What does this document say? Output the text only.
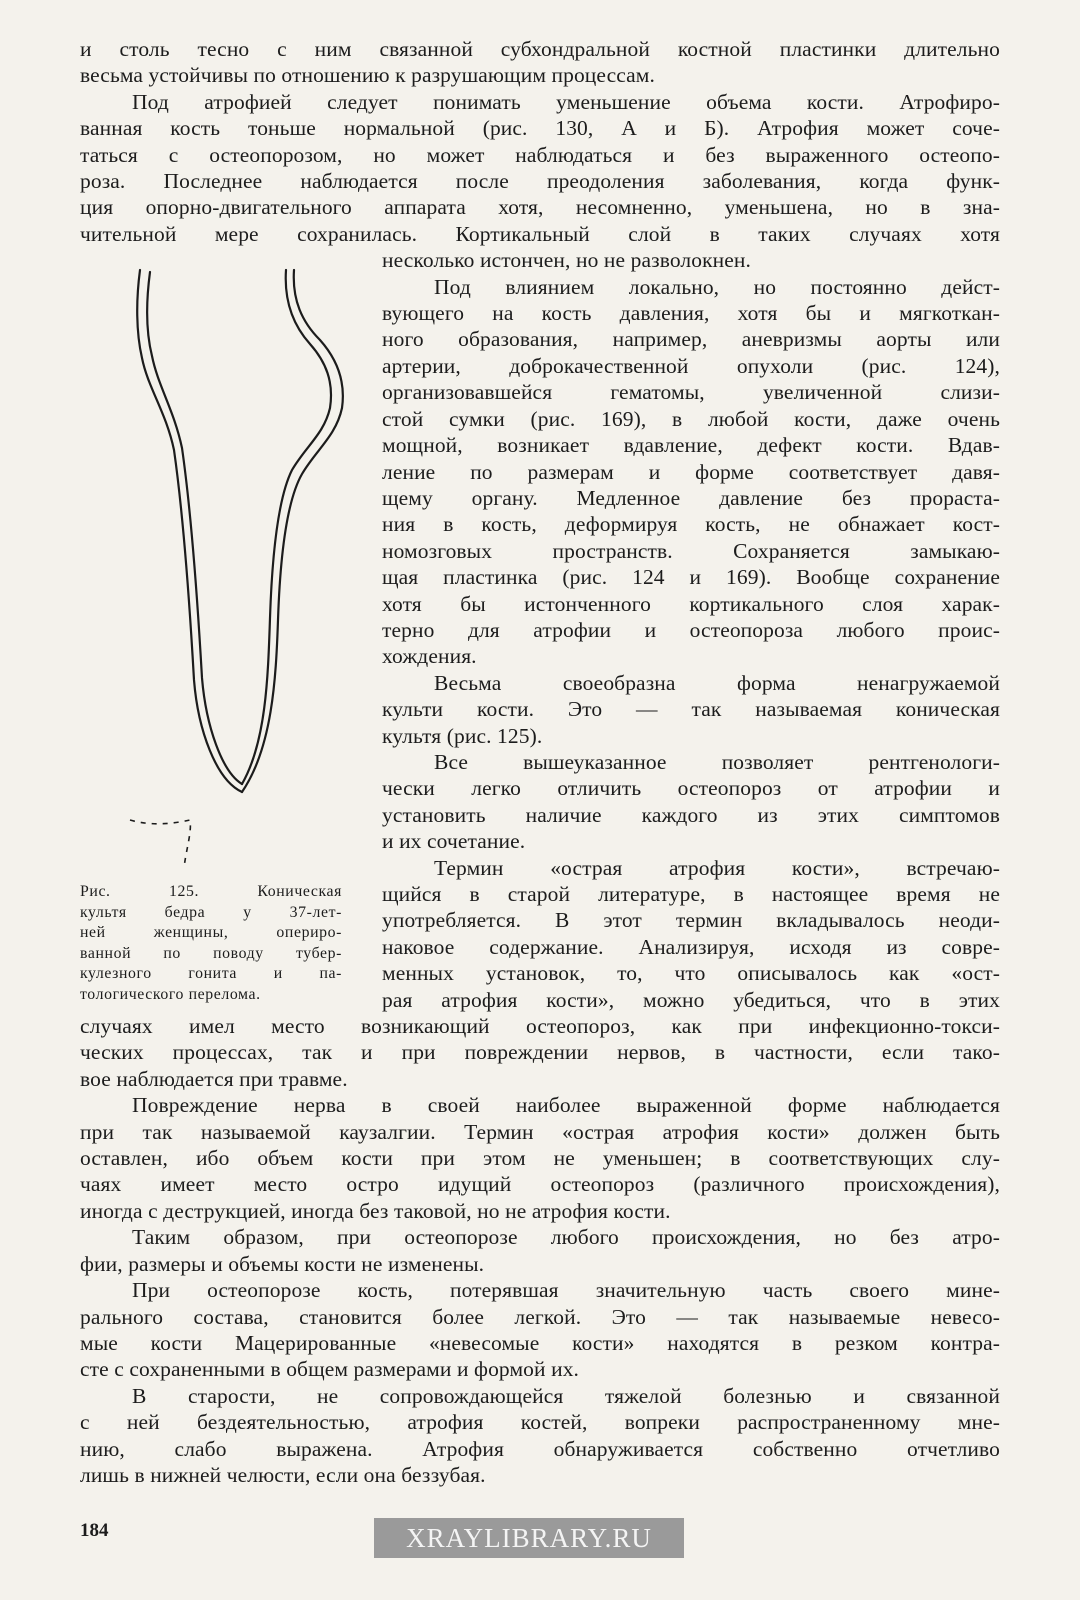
и столь тесно с ним связанной субхондральной костной пластинки длительно
весьма устойчивы по отношению к разрушающим процессам.
Под атрофией следует понимать уменьшение объема кости. Атрофиро-
ванная кость тоньше нормальной (рис. 130, А и Б). Атрофия может соче-
таться с остеопорозом, но может наблюдаться и без выраженного остеопо-
роза. Последнее наблюдается после преодоления заболевания, когда функ-
ция опорно-двигательного аппарата хотя, несомненно, уменьшена, но в зна-
чительной мере сохранилась. Кортикальный слой в таких случаях хотя
несколько истончен, но не разволокнен.
Под влиянием локально, но постоянно дейст-
вующего на кость давления, хотя бы и мягкоткан-
ного образования, например, аневризмы аорты или
артерии, доброкачественной опухоли (рис. 124),
организовавшейся гематомы, увеличенной слизи-
стой сумки (рис. 169), в любой кости, даже очень
мощной, возникает вдавление, дефект кости. Вдав-
ление по размерам и форме соответствует давя-
щему органу. Медленное давление без прораста-
ния в кость, деформируя кость, не обнажает кост-
номозговых пространств. Сохраняется замыкаю-
щая пластинка (рис. 124 и 169). Вообще сохранение
хотя бы истонченного кортикального слоя харак-
терно для атрофии и остеопороза любого проис-
хождения.
Весьма своеобразна форма ненагружаемой
культи кости. Это — так называемая коническая
культя (рис. 125).
Все вышеуказанное позволяет рентгенологи-
чески легко отличить остеопороз от атрофии и
установить наличие каждого из этих симптомов
и их сочетание.
Термин «острая атрофия кости», встречаю-
щийся в старой литературе, в настоящее время не
употребляется. В этот термин вкладывалось неоди-
наковое содержание. Анализируя, исходя из совре-
менных установок, то, что описывалось как «ост-
рая атрофия кости», можно убедиться, что в этих
случаях имел место возникающий остеопороз, как при инфекционно-токси-
ческих процессах, так и при повреждении нервов, в частности, если тако-
вое наблюдается при травме.
Повреждение нерва в своей наиболее выраженной форме наблюдается
при так называемой каузалгии. Термин «острая атрофия кости» должен быть
оставлен, ибо объем кости при этом не уменьшен; в соответствующих слу-
чаях имеет место остро идущий остеопороз (различного происхождения),
иногда с деструкцией, иногда без таковой, но не атрофия кости.
Таким образом, при остеопорозе любого происхождения, но без атро-
фии, размеры и объемы кости не изменены.
При остеопорозе кость, потерявшая значительную часть своего мине-
рального состава, становится более легкой. Это — так называемые невесо-
мые кости Мацерированные «невесомые кости» находятся в резком контра-
сте с сохраненными в общем размерами и формой их.
В старости, не сопровождающейся тяжелой болезнью и связанной
с ней бездеятельностью, атрофия костей, вопреки распространенному мне-
нию, слабо выражена. Атрофия обнаруживается собственно отчетливо
лишь в нижней челюсти, если она беззубая.
Рис. 125. Коническая
культя бедра у 37-лет-
ней женщины, опериро-
ванной по поводу тубер-
кулезного гонита и па-
тологического перелома.
184	XRAYLIBRARY.RU
